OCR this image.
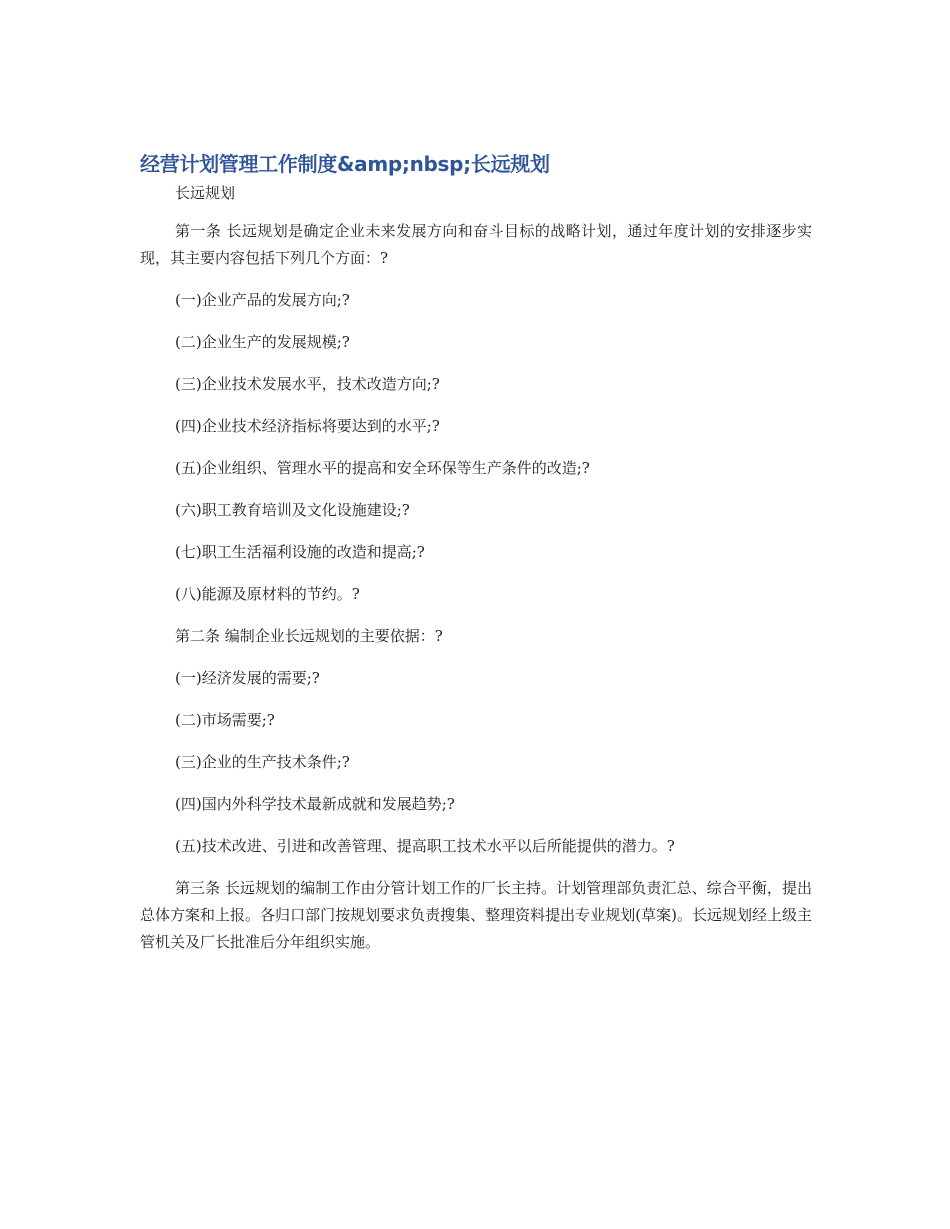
经营计划管理工作制度&amp;nbsp;长远规划

长远规划

第一条 长远规划是确定企业未来发展方向和奋斗目标的战略计划，通过年度计划的安排逐步实现，其主要内容包括下列几个方面：?

(一)企业产品的发展方向;?

(二)企业生产的发展规模;?

(三)企业技术发展水平，技术改造方向;?

(四)企业技术经济指标将要达到的水平;?

(五)企业组织、管理水平的提高和安全环保等生产条件的改造;?

(六)职工教育培训及文化设施建设;?

(七)职工生活福利设施的改造和提高;?

(八)能源及原材料的节约。?

第二条 编制企业长远规划的主要依据：?

(一)经济发展的需要;?

(二)市场需要;?

(三)企业的生产技术条件;?

(四)国内外科学技术最新成就和发展趋势;?

(五)技术改进、引进和改善管理、提高职工技术水平以后所能提供的潜力。?

第三条 长远规划的编制工作由分管计划工作的厂长主持。计划管理部负责汇总、综合平衡，提出总体方案和上报。各归口部门按规划要求负责搜集、整理资料提出专业规划(草案)。长远规划经上级主管机关及厂长批准后分年组织实施。
